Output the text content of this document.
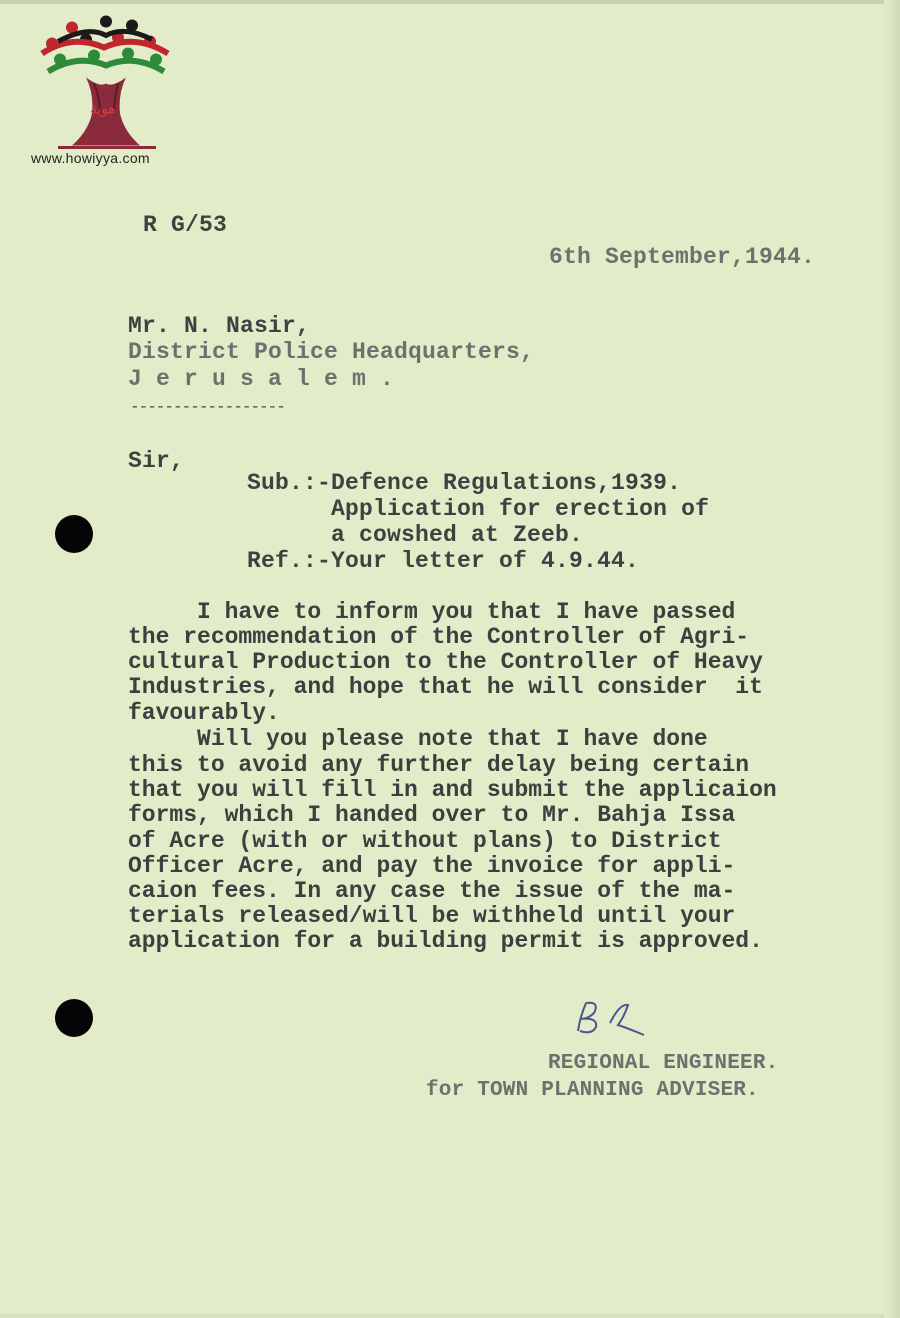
هوية
www.howiyya.com
R G/53
6th September,1944.
Mr. N. Nasir,
District Police Headquarters,
J e r u s a l e m .
------------------
Sir,
Sub.:-Defence Regulations,1939.
Application for erection of
a cowshed at Zeeb.
Ref.:-Your letter of 4.9.44.
I have to inform you that I have passed
the recommendation of the Controller of Agri-
cultural Production to the Controller of Heavy
Industries, and hope that he will consider  it
favourably.
Will you please note that I have done
this to avoid any further delay being certain
that you will fill in and submit the applicaion
forms, which I handed over to Mr. Bahja Issa
of Acre (with or without plans) to District
Officer Acre, and pay the invoice for appli-
caion fees. In any case the issue of the ma-
terials released/will be withheld until your
application for a building permit is approved.
REGIONAL ENGINEER.
for TOWN PLANNING ADVISER.
